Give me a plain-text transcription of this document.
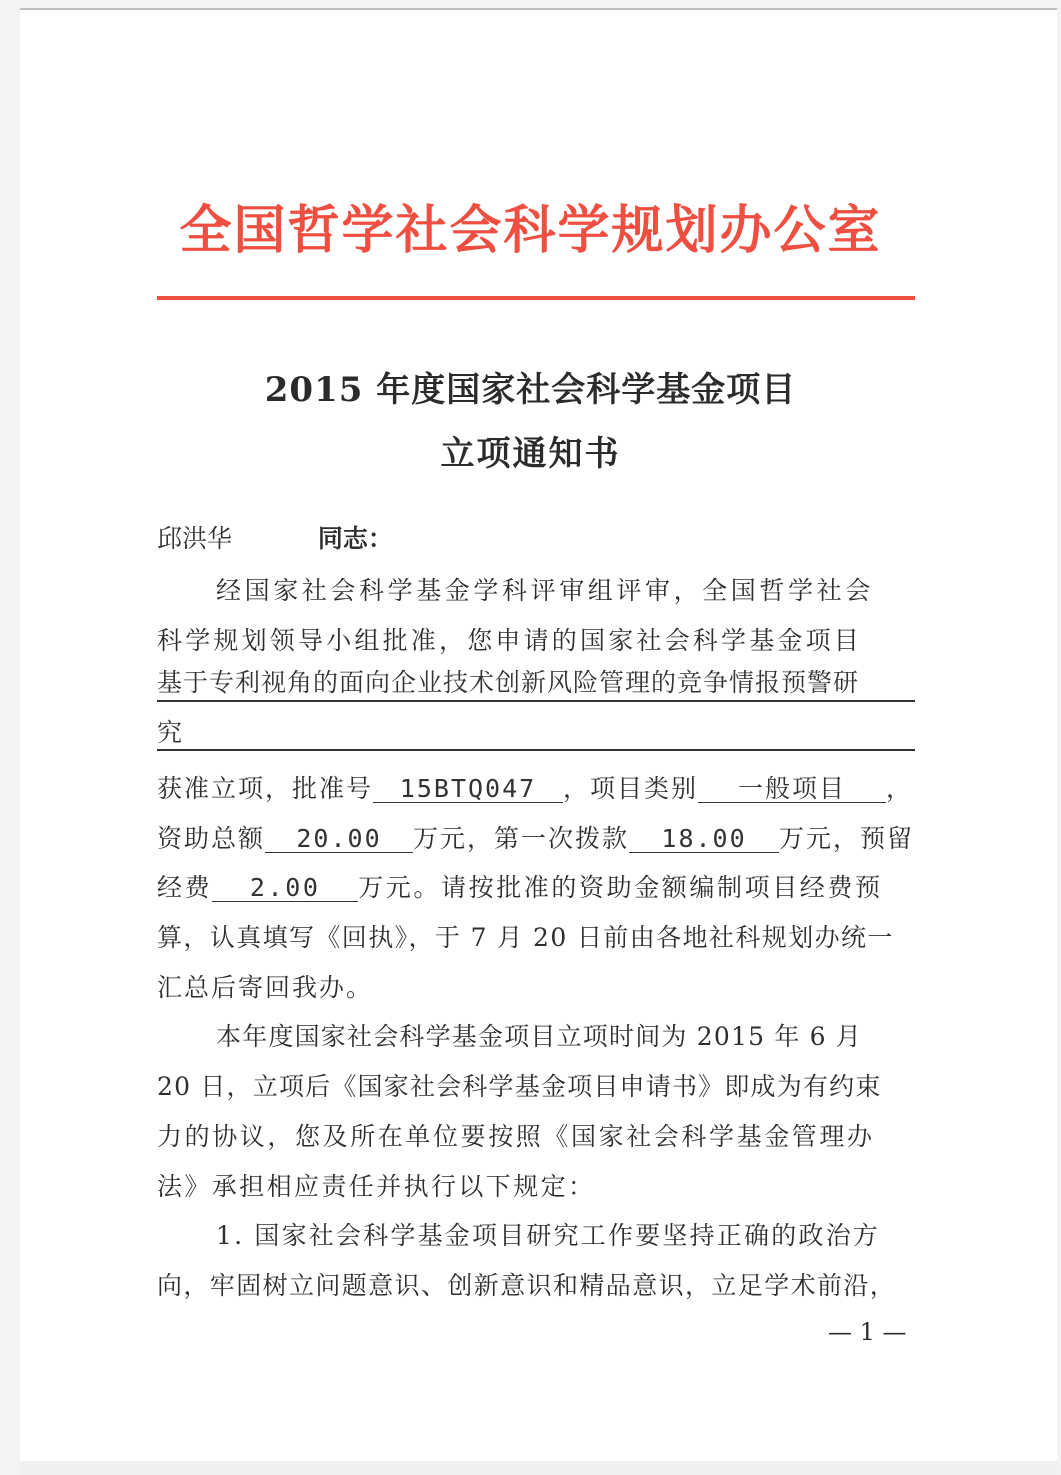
全国哲学社会科学规划办公室
2015 年度国家社会科学基金项目
立项通知书
邱洪华	同志：
经国家社会科学基金学科评审组评审，全国哲学社会
科学规划领导小组批准，您申请的国家社会科学基金项目
基于专利视角的面向企业技术创新风险管理的竞争情报预警研
究
获准立项，批准号 15BTQ047 ，项目类别 一般项目 ，
资助总额 20.00 万元，第一次拨款 18.00 万元，预留
经费 2.00 万元。请按批准的资助金额编制项目经费预
算，认真填写《回执》，于 7 月 20 日前由各地社科规划办统一
汇总后寄回我办。
本年度国家社会科学基金项目立项时间为 2015 年 6 月
20 日，立项后《国家社会科学基金项目申请书》即成为有约束
力的协议，您及所在单位要按照《国家社会科学基金管理办
法》承担相应责任并执行以下规定：
1. 国家社会科学基金项目研究工作要坚持正确的政治方
向，牢固树立问题意识、创新意识和精品意识，立足学术前沿，
— 1 —
